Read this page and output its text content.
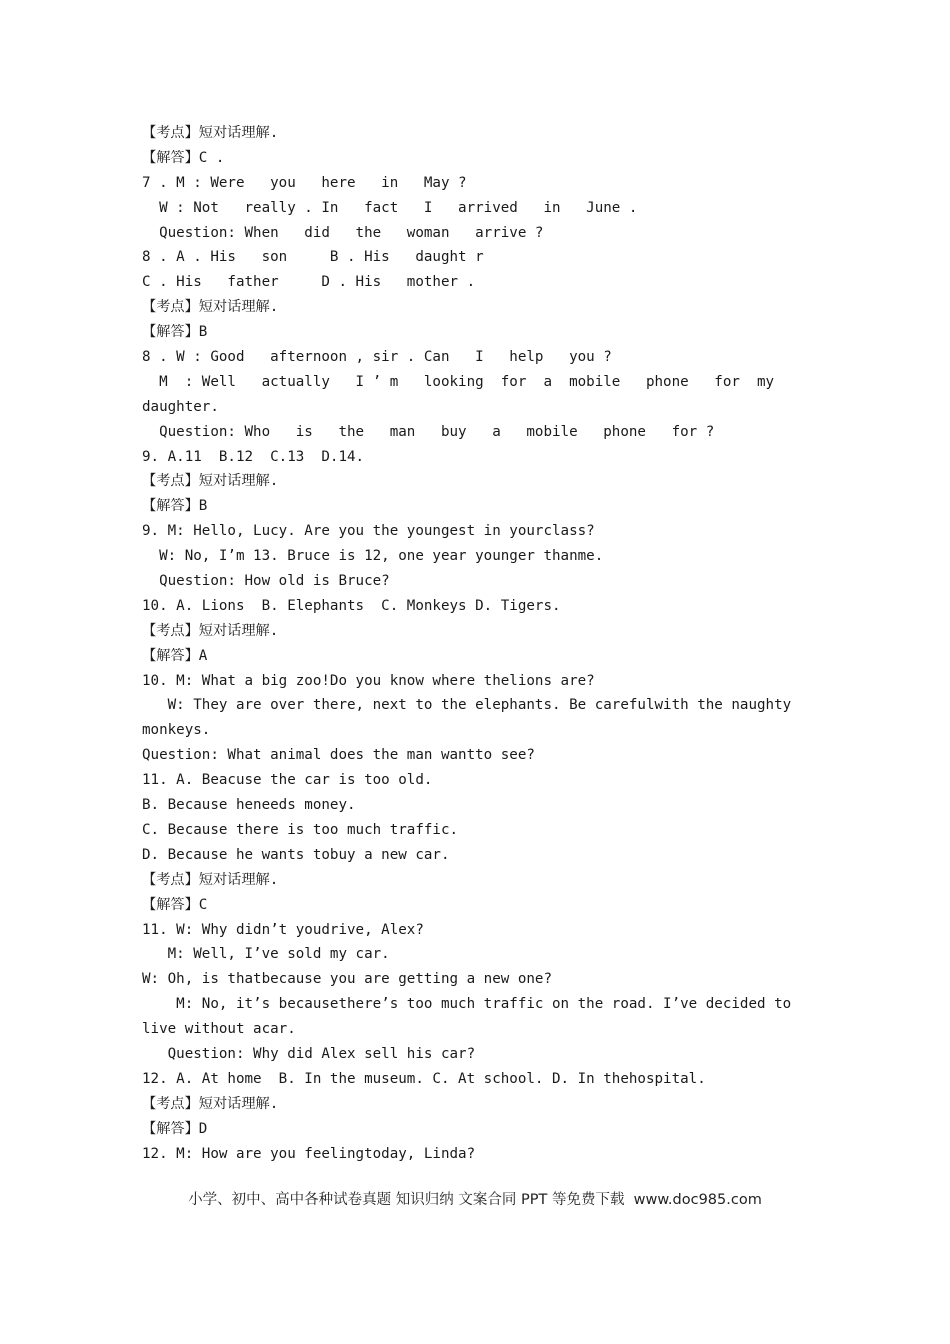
【考点】短对话理解.
【解答】C .
7 . M : Were   you   here   in   May ?
W : Not   really . In   fact   I   arrived   in   June .
Question: When   did   the   woman   arrive ?
8 . A . His   son     B . His   daught r
C . His   father     D . His   mother .
【考点】短对话理解.
【解答】B
8 . W : Good   afternoon , sir . Can   I   help   you ?
M  : Well   actually   I ’ m   looking  for  a  mobile   phone   for  my
daughter.
Question: Who   is   the   man   buy   a   mobile   phone   for ?
9. A.11  B.12  C.13  D.14.
【考点】短对话理解.
【解答】B
9. M: Hello, Lucy. Are you the youngest in yourclass?
W: No, I’m 13. Bruce is 12, one year younger thanme.
Question: How old is Bruce?
10. A. Lions  B. Elephants  C. Monkeys D. Tigers.
【考点】短对话理解.
【解答】A
10. M: What a big zoo!Do you know where thelions are?
W: They are over there, next to the elephants. Be carefulwith the naughty
monkeys.
Question: What animal does the man wantto see?
11. A. Beacuse the car is too old.
B. Because heneeds money.
C. Because there is too much traffic.
D. Because he wants tobuy a new car.
【考点】短对话理解.
【解答】C
11. W: Why didn’t youdrive, Alex?
M: Well, I’ve sold my car.
W: Oh, is thatbecause you are getting a new one?
M: No, it’s becausethere’s too much traffic on the road. I’ve decided to
live without acar.
Question: Why did Alex sell his car?
12. A. At home  B. In the museum. C. At school. D. In thehospital.
【考点】短对话理解.
【解答】D
12. M: How are you feelingtoday, Linda?
小学、初中、高中各种试卷真题 知识归纳 文案合同 PPT 等免费下载  www.doc985.com
